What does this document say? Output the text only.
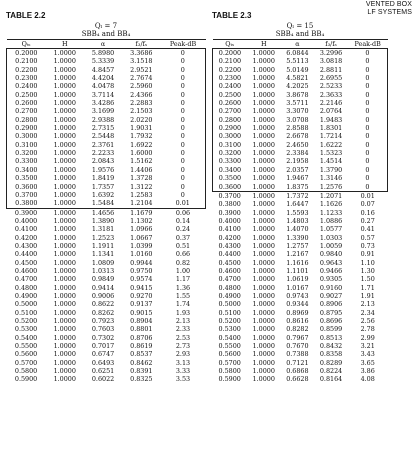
VENTED BOX
LF SYSTEMS
TABLE 2.2
Qₗ = 7
SBB₄ and BB₄
Qₜₛ	H	α	f₃/fₛ	Peak-dB
0.2000	1.0000	5.8980	3.3686	0
0.2100	1.0000	5.3339	3.1518	0
0.2200	1.0000	4.8457	2.9521	0
0.2300	1.0000	4.4204	2.7674	0
0.2400	1.0000	4.0478	2.5960	0
0.2500	1.0000	3.7114	2.4366	0
0.2600	1.0000	3.4286	2.2883	0
0.2700	1.0000	3.1699	2.1503	0
0.2800	1.0000	2.9388	2.0220	0
0.2900	1.0000	2.7315	1.9031	0
0.3000	1.0000	2.5448	1.7932	0
0.3100	1.0000	2.3761	1.6922	0
0.3200	1.0000	2.2233	1.6000	0
0.3300	1.0000	2.0843	1.5162	0
0.3400	1.0000	1.9576	1.4406	0
0.3500	1.0000	1.8419	1.3728	0
0.3600	1.0000	1.7357	1.3122	0
0.3700	1.0000	1.6392	1.2583	0
0.3800	1.0000	1.5484	1.2104	0.01
0.3900	1.0000	1.4656	1.1679	0.06
0.4000	1.0000	1.3890	1.1302	0.14
0.4100	1.0000	1.3181	1.0966	0.24
0.4200	1.0000	1.2523	1.0667	0.37
0.4300	1.0000	1.1911	1.0399	0.51
0.4400	1.0000	1.1341	1.0160	0.66
0.4500	1.0000	1.0809	0.9944	0.82
0.4600	1.0000	1.0313	0.9750	1.00
0.4700	1.0000	0.9849	0.9574	1.17
0.4800	1.0000	0.9414	0.9415	1.36
0.4900	1.0000	0.9006	0.9270	1.55
0.5000	1.0000	0.8622	0.9137	1.74
0.5100	1.0000	0.8262	0.9015	1.93
0.5200	1.0000	0.7923	0.8904	2.13
0.5300	1.0000	0.7603	0.8801	2.33
0.5400	1.0000	0.7302	0.8706	2.53
0.5500	1.0000	0.7017	0.8619	2.73
0.5600	1.0000	0.6747	0.8537	2.93
0.5700	1.0000	0.6493	0.8462	3.13
0.5800	1.0000	0.6251	0.8391	3.33
0.5900	1.0000	0.6022	0.8325	3.53
TABLE 2.3
Qₗ = 15
SBB₄ and BB₄
Qₜₛ	H	α	f₃/fₛ	Peak-dB
0.2000	1.0000	6.0844	3.2996	0
0.2100	1.0000	5.5113	3.0818	0
0.2200	1.0000	5.0149	2.8811	0
0.2300	1.0000	4.5821	2.6955	0
0.2400	1.0000	4.2025	2.5233	0
0.2500	1.0000	3.8678	2.3633	0
0.2600	1.0000	3.5711	2.2146	0
0.2700	1.0000	3.3070	2.0764	0
0.2800	1.0000	3.0708	1.9483	0
0.2900	1.0000	2.8588	1.8301	0
0.3000	1.0000	2.6678	1.7214	0
0.3100	1.0000	2.4650	1.6222	0
0.3200	1.0000	2.3384	1.5323	0
0.3300	1.0000	2.1958	1.4514	0
0.3400	1.0000	2.0357	1.3790	0
0.3500	1.0000	1.9467	1.3146	0
0.3600	1.0000	1.8375	1.2576	0
0.3700	1.0000	1.7372	1.2071	0.01
0.3800	1.0000	1.6447	1.1626	0.07
0.3900	1.0000	1.5593	1.1233	0.16
0.4000	1.0000	1.4803	1.0886	0.27
0.4100	1.0000	1.4070	1.0577	0.41
0.4200	1.0000	1.3390	1.0303	0.57
0.4300	1.0000	1.2757	1.0059	0.73
0.4400	1.0000	1.2167	0.9840	0.91
0.4500	1.0000	1.1616	0.9643	1.10
0.4600	1.0000	1.1101	0.9466	1.30
0.4700	1.0000	1.0619	0.9305	1.50
0.4800	1.0000	1.0167	0.9160	1.71
0.4900	1.0000	0.9743	0.9027	1.91
0.5000	1.0000	0.9344	0.8906	2.13
0.5100	1.0000	0.8969	0.8795	2.34
0.5200	1.0000	0.8616	0.8696	2.56
0.5300	1.0000	0.8282	0.8599	2.78
0.5400	1.0000	0.7967	0.8513	2.99
0.5500	1.0000	0.7670	0.8432	3.21
0.5600	1.0000	0.7388	0.8358	3.43
0.5700	1.0000	0.7121	0.8289	3.65
0.5800	1.0000	0.6868	0.8224	3.86
0.5900	1.0000	0.6628	0.8164	4.08
